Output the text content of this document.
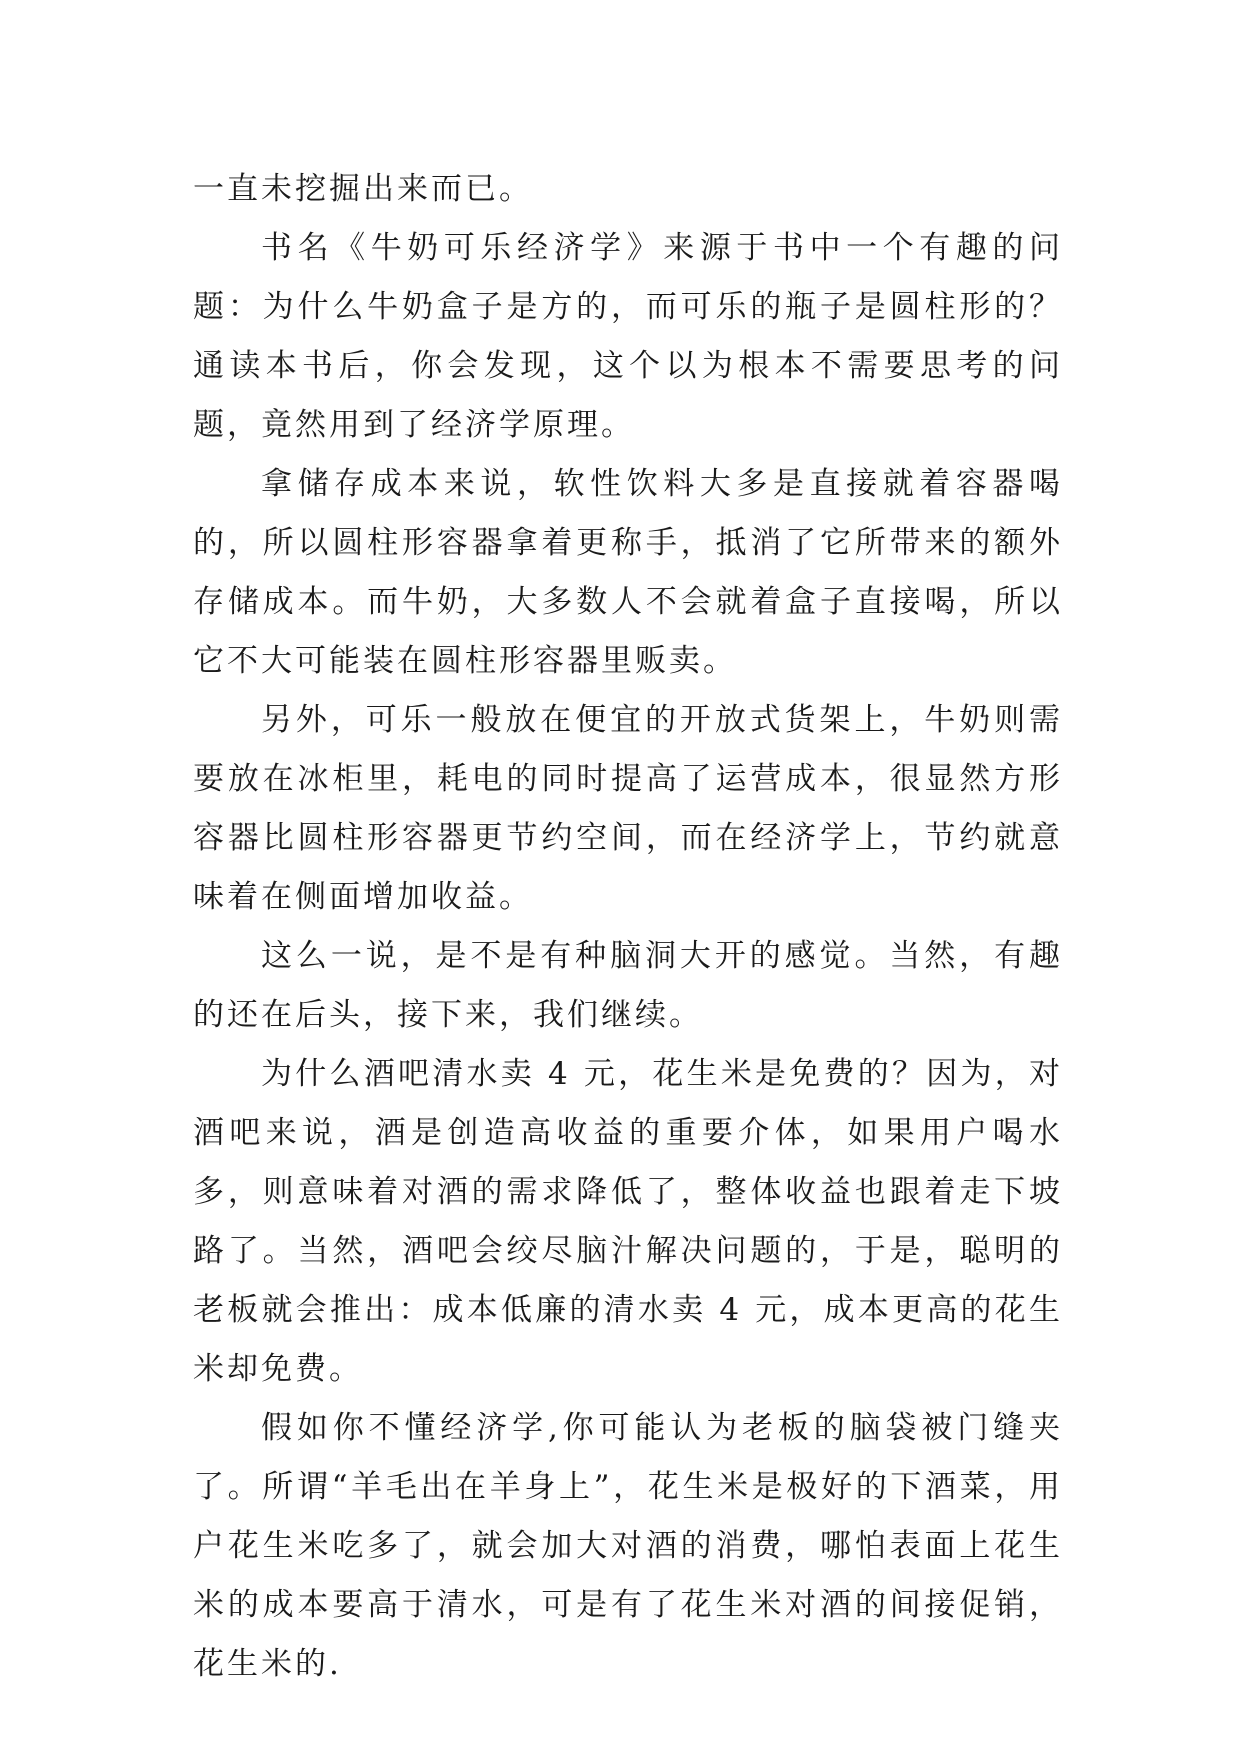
一直未挖掘出来而已。

书名《牛奶可乐经济学》来源于书中一个有趣的问题：为什么牛奶盒子是方的，而可乐的瓶子是圆柱形的？通读本书后，你会发现，这个以为根本不需要思考的问题，竟然用到了经济学原理。

拿储存成本来说，软性饮料大多是直接就着容器喝的，所以圆柱形容器拿着更称手，抵消了它所带来的额外存储成本。而牛奶，大多数人不会就着盒子直接喝，所以它不大可能装在圆柱形容器里贩卖。

另外，可乐一般放在便宜的开放式货架上，牛奶则需要放在冰柜里，耗电的同时提高了运营成本，很显然方形容器比圆柱形容器更节约空间，而在经济学上，节约就意味着在侧面增加收益。

这么一说，是不是有种脑洞大开的感觉。当然，有趣的还在后头，接下来，我们继续。

为什么酒吧清水卖 4 元，花生米是免费的？因为，对酒吧来说，酒是创造高收益的重要介体，如果用户喝水多，则意味着对酒的需求降低了，整体收益也跟着走下坡路了。当然，酒吧会绞尽脑汁解决问题的，于是，聪明的老板就会推出：成本低廉的清水卖 4 元，成本更高的花生米却免费。

假如你不懂经济学,你可能认为老板的脑袋被门缝夹了。所谓“羊毛出在羊身上”，花生米是极好的下酒菜，用户花生米吃多了，就会加大对酒的消费，哪怕表面上花生米的成本要高于清水，可是有了花生米对酒的间接促销，花生米的.
